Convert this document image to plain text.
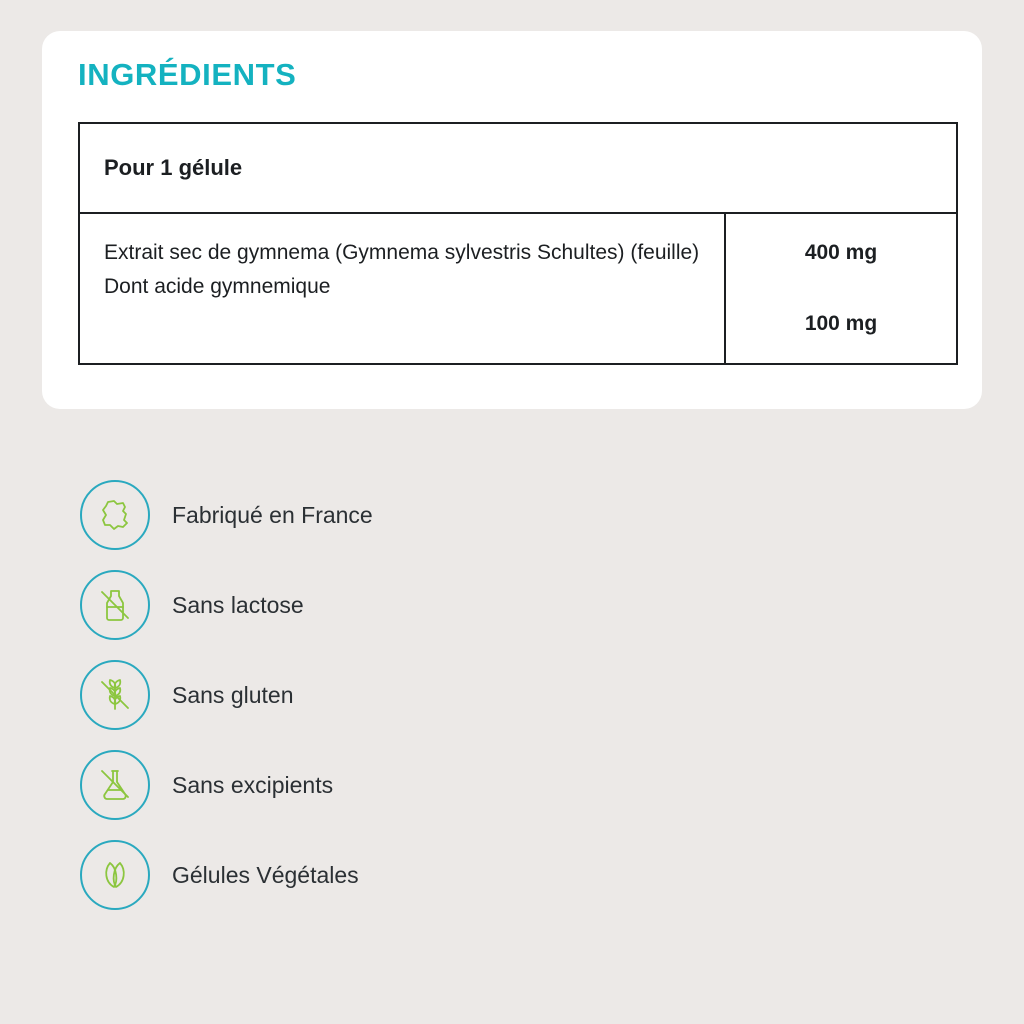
INGRÉDIENTS
Pour 1 gélule
Extrait sec de gymnema (Gymnema sylvestris Schultes) (feuille)
Dont acide gymnemique
400 mg
100 mg
Fabriqué en France
Sans lactose
Sans gluten
Sans excipients
Gélules Végétales
